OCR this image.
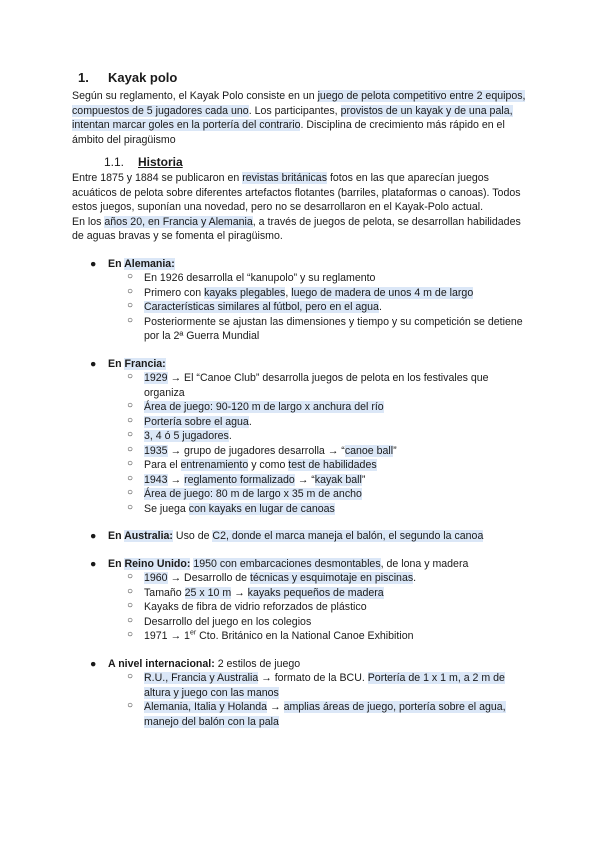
1. Kayak polo

Según su reglamento, el Kayak Polo consiste en un juego de pelota competitivo entre 2 equipos, compuestos de 5 jugadores cada uno. Los participantes, provistos de un kayak y de una pala, intentan marcar goles en la portería del contrario. Disciplina de crecimiento más rápido en el ámbito del piragüismo

1.1. Historia

Entre 1875 y 1884 se publicaron en revistas británicas fotos en las que aparecían juegos acuáticos de pelota sobre diferentes artefactos flotantes (barriles, plataformas o canoas). Todos estos juegos, suponían una novedad, pero no se desarrollaron en el Kayak-Polo actual.

En los años 20, en Francia y Alemania, a través de juegos de pelota, se desarrollan habilidades de aguas bravas y se fomenta el piragüismo.

● En Alemania:
○ En 1926 desarrolla el “kanupolo” y su reglamento
○ Primero con kayaks plegables, luego de madera de unos 4 m de largo
○ Características similares al fútbol, pero en el agua.
○ Posteriormente se ajustan las dimensiones y tiempo y su competición se detiene por la 2ª Guerra Mundial
● En Francia:
○ 1929 → El “Canoe Club” desarrolla juegos de pelota en los festivales que organiza
○ Área de juego: 90-120 m de largo x anchura del río
○ Portería sobre el agua.
○ 3, 4 ó 5 jugadores.
○ 1935 → grupo de jugadores desarrolla → “canoe ball”
○ Para el entrenamiento y como test de habilidades
○ 1943 → reglamento formalizado → “kayak ball”
○ Área de juego: 80 m de largo x 35 m de ancho
○ Se juega con kayaks en lugar de canoas
● En Australia: Uso de C2, donde el marca maneja el balón, el segundo la canoa
● En Reino Unido: 1950 con embarcaciones desmontables, de lona y madera
○ 1960 → Desarrollo de técnicas y esquimotaje en piscinas.
○ Tamaño 25 x 10 m → kayaks pequeños de madera
○ Kayaks de fibra de vidrio reforzados de plástico
○ Desarrollo del juego en los colegios
○ 1971 → 1er Cto. Británico en la National Canoe Exhibition
● A nivel internacional: 2 estilos de juego
○ R.U., Francia y Australia → formato de la BCU. Portería de 1 x 1 m, a 2 m de altura y juego con las manos
○ Alemania, Italia y Holanda → amplias áreas de juego, portería sobre el agua, manejo del balón con la pala
